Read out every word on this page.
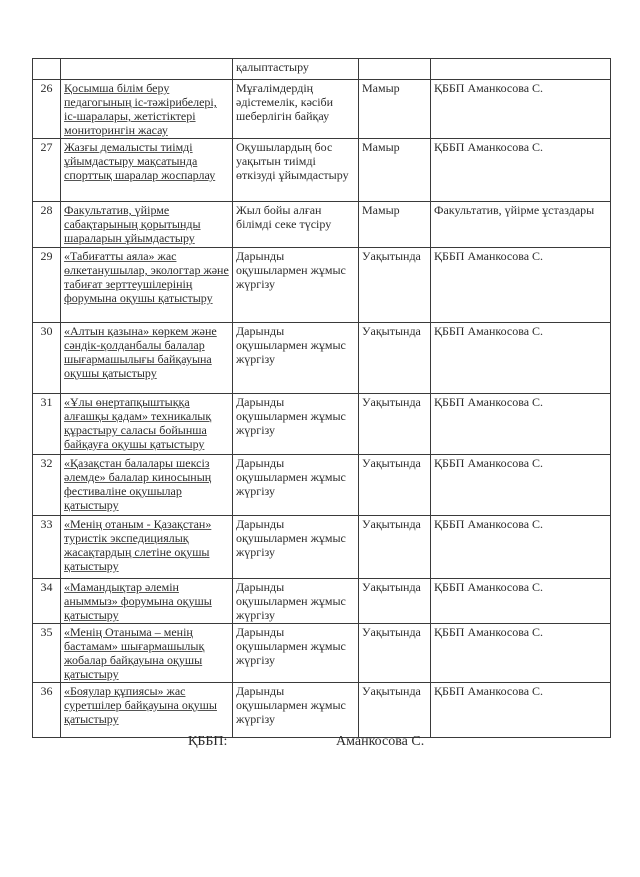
		қалыптастыру		
26	Қосымша білім беру педагогының іс-тәжірибелері, іс-шаралары, жетістіктері мониторингін жасау	Мұғалімдердің әдістемелік, кәсіби шеберлігін байқау	Мамыр	ҚББП Аманкосова С.
27	Жазғы демалысты тиімді ұйымдастыру мақсатында спорттық шаралар жоспарлау	Оқушылардың бос уақытын тиімді өткізуді ұйымдастыру	Мамыр	ҚББП Аманкосова С.
28	Факультатив, үйірме сабақтарының қорытынды шараларын ұйымдастыру	Жыл бойы алған білімді секе түсіру	Мамыр	Факультатив, үйірме ұстаздары
29	«Табиғатты аяла» жас өлкетанушылар, экологтар және табиғат зерттеушілерінің форумына оқушы қатыстыру	Дарынды оқушылармен жұмыс жүргізу	Уақытында	ҚББП Аманкосова С.
30	«Алтын қазына» көркем және сәндік-қолданбалы балалар шығармашылығы байқауына оқушы қатыстыру	Дарынды оқушылармен жұмыс жүргізу	Уақытында	ҚББП Аманкосова С.
31	«Ұлы өнертапқыштыққа алғашқы қадам» техникалық құрастыру саласы бойынша байқауға оқушы қатыстыру	Дарынды оқушылармен жұмыс жүргізу	Уақытында	ҚББП Аманкосова С.
32	«Қазақстан балалары шексіз әлемде» балалар киносының фестиваліне оқушылар қатыстыру	Дарынды оқушылармен жұмыс жүргізу	Уақытында	ҚББП Аманкосова С.
33	«Менің отаным - Қазақстан» туристік экспедициялық жасақтардың слетіне оқушы қатыстыру	Дарынды оқушылармен жұмыс жүргізу	Уақытында	ҚББП Аманкосова С.
34	«Мамандықтар әлемін аныммыз» форумына оқушы қатыстыру	Дарынды оқушылармен жұмыс жүргізу	Уақытында	ҚББП Аманкосова С.
35	«Менің Отаныма – менің бастамам» шығармашылық жобалар байқауына оқушы қатыстыру	Дарынды оқушылармен жұмыс жүргізу	Уақытында	ҚББП Аманкосова С.
36	«Бояулар құпиясы» жас суретшілер байқауына оқушы қатыстыру	Дарынды оқушылармен жұмыс жүргізу	Уақытында	ҚББП Аманкосова С.
ҚББП:	Аманкосова С.
